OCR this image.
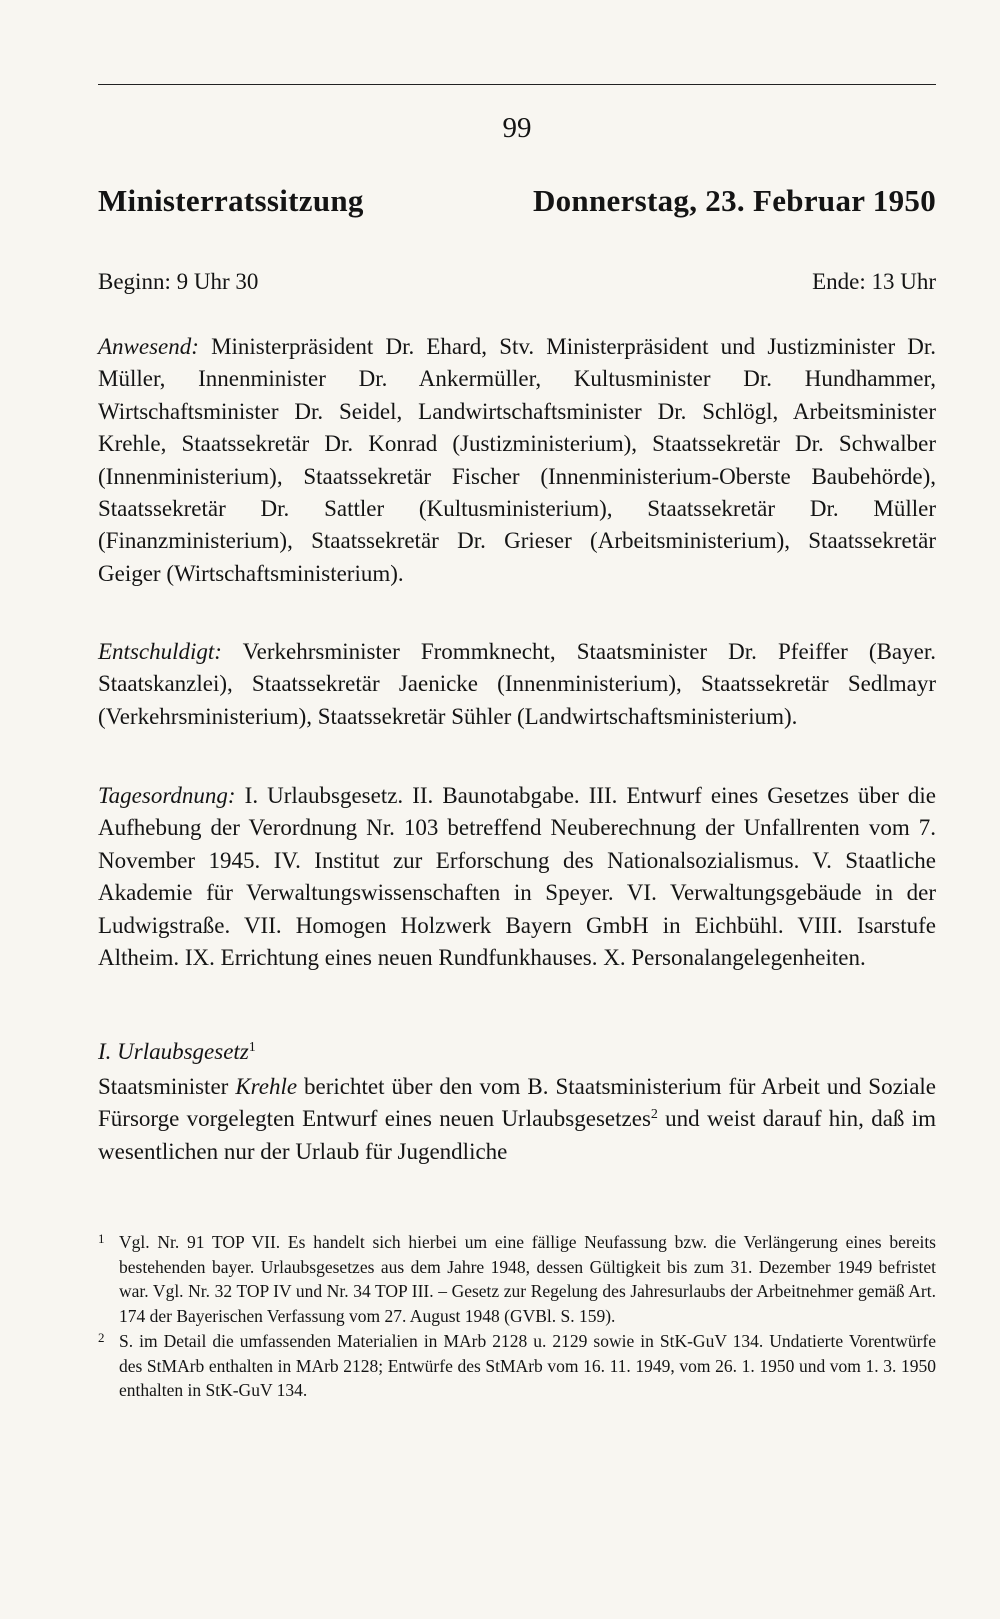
99
Ministerratssitzung	Donnerstag, 23. Februar 1950
Beginn: 9 Uhr 30	Ende: 13 Uhr

Anwesend: Ministerpräsident Dr. Ehard, Stv. Ministerpräsident und Justizminister Dr. Müller, Innenminister Dr. Ankermüller, Kultusminister Dr. Hundhammer, Wirtschaftsminister Dr. Seidel, Landwirtschaftsminister Dr. Schlögl, Arbeitsminister Krehle, Staatssekretär Dr. Konrad (Justizministerium), Staatssekretär Dr. Schwalber (Innenministerium), Staatssekretär Fischer (Innenministerium-Oberste Baubehörde), Staatssekretär Dr. Sattler (Kultusministerium), Staatssekretär Dr. Müller (Finanzministerium), Staatssekretär Dr. Grieser (Arbeitsministerium), Staatssekretär Geiger (Wirtschaftsministerium).

Entschuldigt: Verkehrsminister Frommknecht, Staatsminister Dr. Pfeiffer (Bayer. Staatskanzlei), Staatssekretär Jaenicke (Innenministerium), Staatssekretär Sedlmayr (Verkehrsministerium), Staatssekretär Sühler (Landwirtschaftsministerium).

Tagesordnung: I. Urlaubsgesetz. II. Baunotabgabe. III. Entwurf eines Gesetzes über die Aufhebung der Verordnung Nr. 103 betreffend Neuberechnung der Unfallrenten vom 7. November 1945. IV. Institut zur Erforschung des Nationalsozialismus. V. Staatliche Akademie für Verwaltungswissenschaften in Speyer. VI. Verwaltungsgebäude in der Ludwigstraße. VII. Homogen Holzwerk Bayern GmbH in Eichbühl. VIII. Isarstufe Altheim. IX. Errichtung eines neuen Rundfunkhauses. X. Personalangelegenheiten.

I. Urlaubsgesetz$^1$

Staatsminister Krehle berichtet über den vom B. Staatsministerium für Arbeit und Soziale Fürsorge vorgelegten Entwurf eines neuen Urlaubsgesetzes$^2$ und weist darauf hin, daß im wesentlichen nur der Urlaub für Jugendliche

1 Vgl. Nr. 91 TOP VII. Es handelt sich hierbei um eine fällige Neufassung bzw. die Verlängerung eines bereits bestehenden bayer. Urlaubsgesetzes aus dem Jahre 1948, dessen Gültigkeit bis zum 31. Dezember 1949 befristet war. Vgl. Nr. 32 TOP IV und Nr. 34 TOP III. – Gesetz zur Regelung des Jahresurlaubs der Arbeitnehmer gemäß Art. 174 der Bayerischen Verfassung vom 27. August 1948 (GVBl. S. 159).

2 S. im Detail die umfassenden Materialien in MArb 2128 u. 2129 sowie in StK-GuV 134. Undatierte Vorentwürfe des StMArb enthalten in MArb 2128; Entwürfe des StMArb vom 16. 11. 1949, vom 26. 1. 1950 und vom 1. 3. 1950 enthalten in StK-GuV 134.
